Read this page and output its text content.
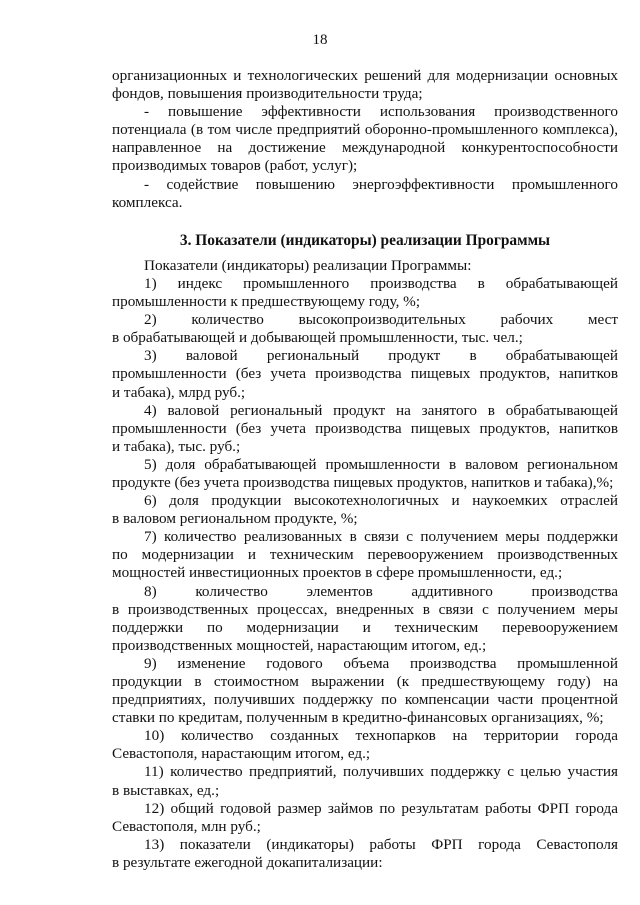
18

организационных и технологических решений для модернизации основных

фондов, повышения производительности труда;

- повышение эффективности использования производственного

потенциала (в том числе предприятий оборонно-промышленного комплекса),

направленное на достижение международной конкурентоспособности

производимых товаров (работ, услуг);

- содействие повышению энергоэффективности промышленного

комплекса.

3. Показатели (индикаторы) реализации Программы

Показатели (индикаторы) реализации Программы:

1) индекс промышленного производства в обрабатывающей

промышленности к предшествующему году, %;

2) количество высокопроизводительных рабочих мест

в обрабатывающей и добывающей промышленности, тыс. чел.;

3) валовой региональный продукт в обрабатывающей

промышленности (без учета производства пищевых продуктов, напитков

и табака), млрд руб.;

4) валовой региональный продукт на занятого в обрабатывающей

промышленности (без учета производства пищевых продуктов, напитков

и табака), тыс. руб.;

5) доля обрабатывающей промышленности в валовом региональном

продукте (без учета производства пищевых продуктов, напитков и табака),%;

6) доля продукции высокотехнологичных и наукоемких отраслей

в валовом региональном продукте, %;

7) количество реализованных в связи с получением меры поддержки

по модернизации и техническим перевооружением производственных

мощностей инвестиционных проектов в сфере промышленности, ед.;

8) количество элементов аддитивного производства

в производственных процессах, внедренных в связи с получением меры

поддержки по модернизации и техническим перевооружением

производственных мощностей, нарастающим итогом, ед.;

9) изменение годового объема производства промышленной

продукции в стоимостном выражении (к предшествующему году) на

предприятиях, получивших поддержку по компенсации части процентной

ставки по кредитам, полученным в кредитно-финансовых организациях, %;

10) количество созданных технопарков на территории города

Севастополя, нарастающим итогом, ед.;

11) количество предприятий, получивших поддержку с целью участия

в выставках, ед.;

12) общий годовой размер займов по результатам работы ФРП города

Севастополя, млн руб.;

13) показатели (индикаторы) работы ФРП города Севастополя

в результате ежегодной докапитализации:
